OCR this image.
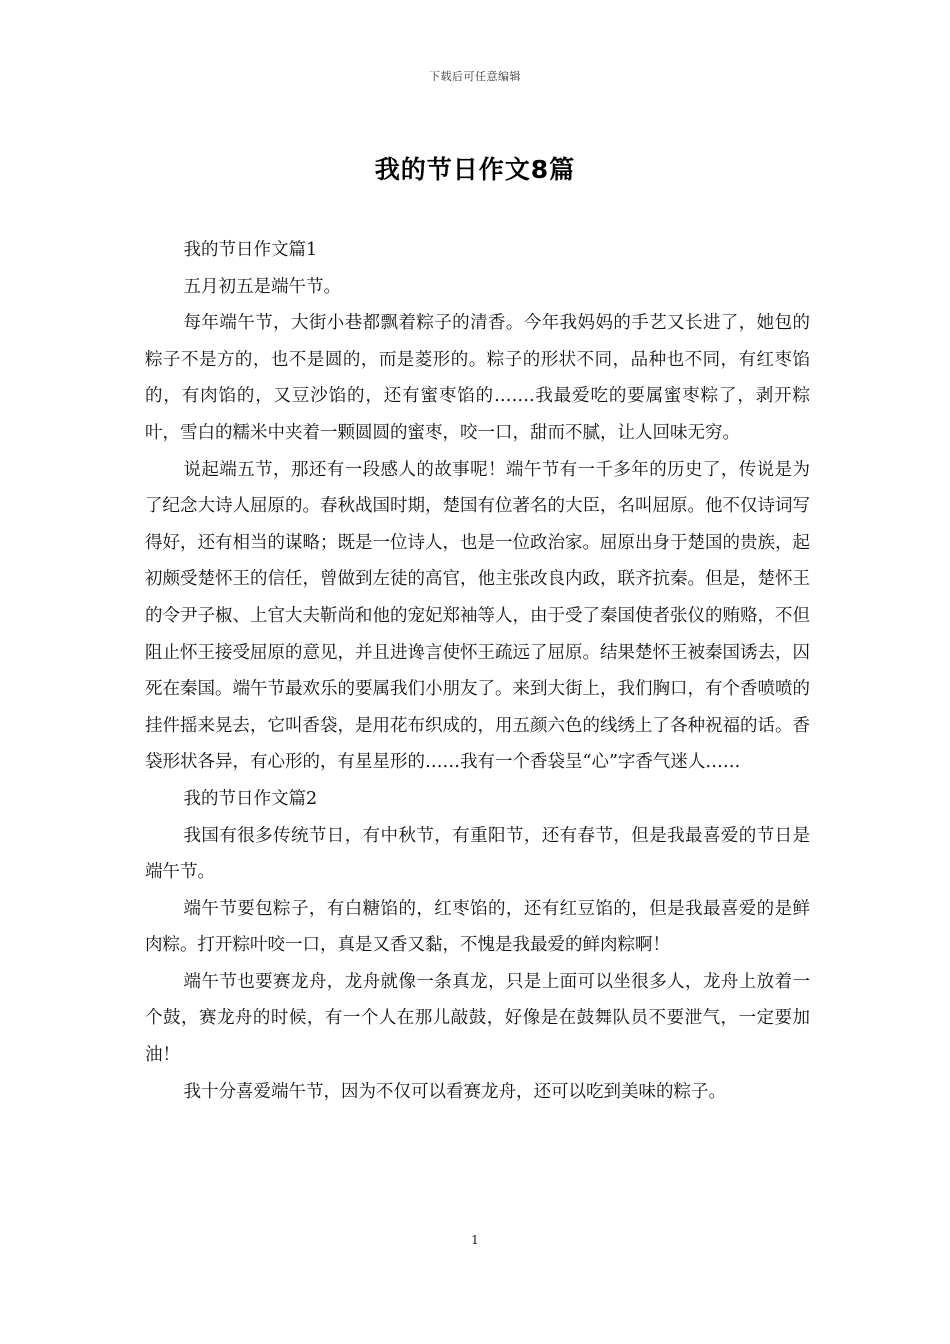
下载后可任意编辑
我的节日作文8篇

我的节日作文篇1

五月初五是端午节。

每年端午节，大街小巷都飘着粽子的清香。今年我妈妈的手艺又长进了，她包的粽子不是方的，也不是圆的，而是菱形的。粽子的形状不同，品种也不同，有红枣馅的，有肉馅的，又豆沙馅的，还有蜜枣馅的…….我最爱吃的要属蜜枣粽了，剥开粽叶，雪白的糯米中夹着一颗圆圆的蜜枣，咬一口，甜而不腻，让人回味无穷。

说起端五节，那还有一段感人的故事呢！端午节有一千多年的历史了，传说是为了纪念大诗人屈原的。春秋战国时期，楚国有位著名的大臣，名叫屈原。他不仅诗词写得好，还有相当的谋略；既是一位诗人，也是一位政治家。屈原出身于楚国的贵族，起初颇受楚怀王的信任，曾做到左徒的高官，他主张改良内政，联齐抗秦。但是，楚怀王的令尹子椒、上官大夫靳尚和他的宠妃郑袖等人，由于受了秦国使者张仪的贿赂，不但阻止怀王接受屈原的意见，并且进谗言使怀王疏远了屈原。结果楚怀王被秦国诱去，囚死在秦国。端午节最欢乐的要属我们小朋友了。来到大街上，我们胸口，有个香喷喷的挂件摇来晃去，它叫香袋，是用花布织成的，用五颜六色的线绣上了各种祝福的话。香袋形状各异，有心形的，有星星形的……我有一个香袋呈“心”字香气迷人……

我的节日作文篇2

我国有很多传统节日，有中秋节，有重阳节，还有春节，但是我最喜爱的节日是端午节。

端午节要包粽子，有白糖馅的，红枣馅的，还有红豆馅的，但是我最喜爱的是鲜肉粽。打开粽叶咬一口，真是又香又黏，不愧是我最爱的鲜肉粽啊！

端午节也要赛龙舟，龙舟就像一条真龙，只是上面可以坐很多人，龙舟上放着一个鼓，赛龙舟的时候，有一个人在那儿敲鼓，好像是在鼓舞队员不要泄气，一定要加油！

我十分喜爱端午节，因为不仅可以看赛龙舟，还可以吃到美味的粽子。

1
